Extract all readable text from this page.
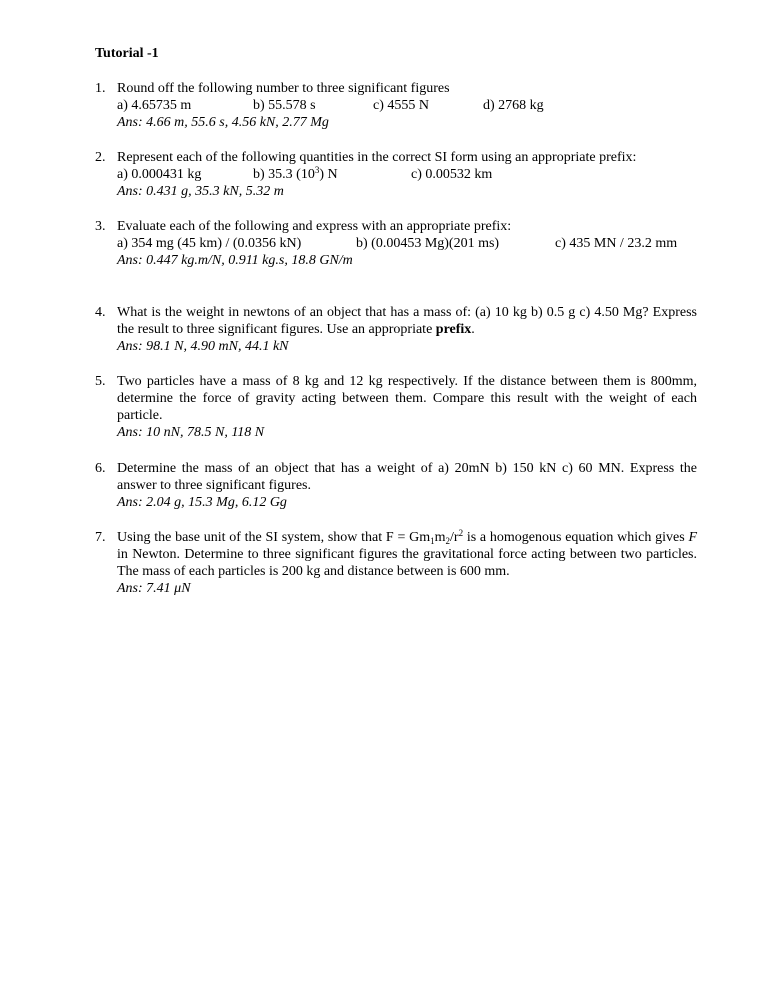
Tutorial -1
1. Round off the following number to three significant figures
a) 4.65735 m	b) 55.578 s	c) 4555 N	d) 2768 kg
Ans: 4.66 m, 55.6 s, 4.56 kN, 2.77 Mg
2. Represent each of the following quantities in the correct SI form using an appropriate prefix:
a) 0.000431 kg	b) 35.3 $(10^3)$ N	c) 0.00532 km
Ans: 0.431 g, 35.3 kN, 5.32 m
3. Evaluate each of the following and express with an appropriate prefix:
a) 354 mg (45 km) / (0.0356 kN)	b) (0.00453 Mg)(201 ms)	c) 435 MN / 23.2 mm
Ans: 0.447 kg.m/N, 0.911 kg.s, 18.8 GN/m
4. What is the weight in newtons of an object that has a mass of: (a) 10 kg b) 0.5 g c) 4.50 Mg? Express the result to three significant figures. Use an appropriate prefix.
Ans: 98.1 N, 4.90 mN, 44.1 kN
5. Two particles have a mass of 8 kg and 12 kg respectively. If the distance between them is 800mm, determine the force of gravity acting between them. Compare this result with the weight of each particle.
Ans: 10 nN, 78.5 N, 118 N
6. Determine the mass of an object that has a weight of a) 20mN b) 150 kN c) 60 MN. Express the answer to three significant figures.
Ans: 2.04 g, 15.3 Mg, 6.12 Gg
7. Using the base unit of the SI system, show that $F = Gm_1m_2/r^2$ is a homogenous equation which gives F in Newton. Determine to three significant figures the gravitational force acting between two particles. The mass of each particles is 200 kg and distance between is 600 mm.
Ans: 7.41 μN
